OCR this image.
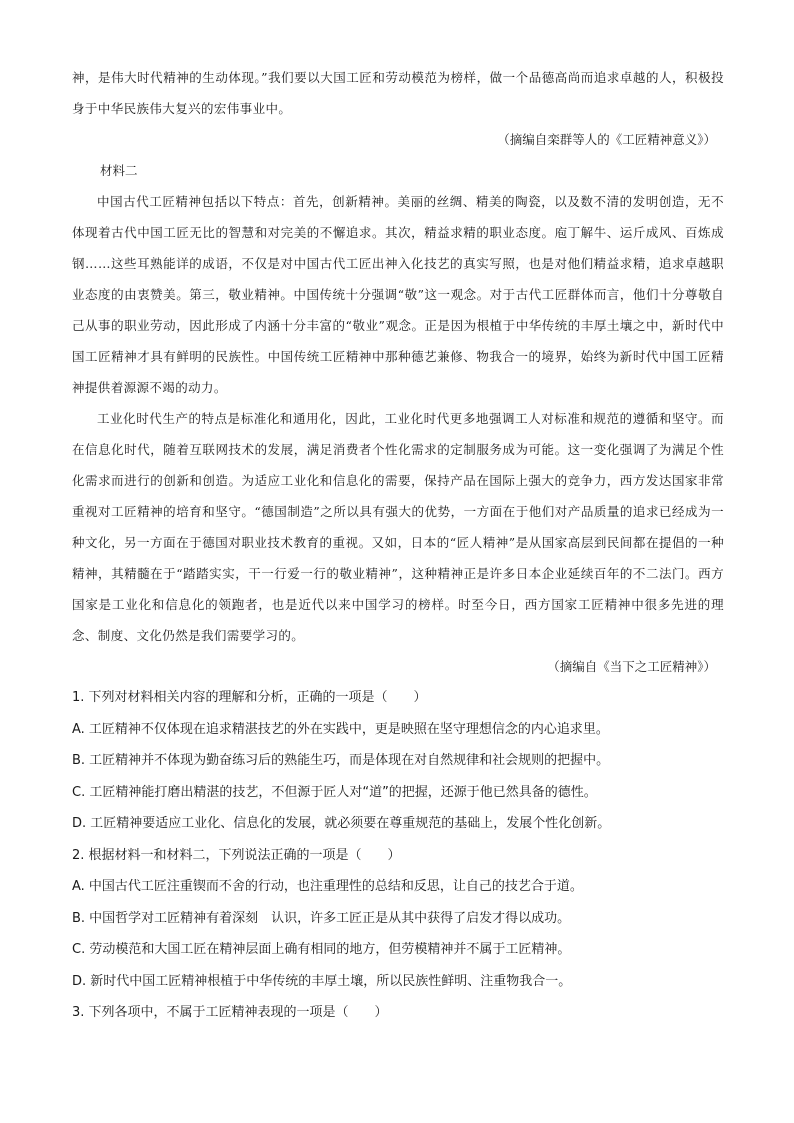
神，是伟大时代精神的生动体现。”我们要以大国工匠和劳动模范为榜样，做一个品德高尚而追求卓越的人，积极投身于中华民族伟大复兴的宏伟事业中。

（摘编自栾群等人的《工匠精神意义》）

材料二

中国古代工匠精神包括以下特点：首先，创新精神。美丽的丝绸、精美的陶瓷，以及数不清的发明创造，无不体现着古代中国工匠无比的智慧和对完美的不懈追求。其次，精益求精的职业态度。庖丁解牛、运斤成风、百炼成钢……这些耳熟能详的成语，不仅是对中国古代工匠出神入化技艺的真实写照，也是对他们精益求精，追求卓越职业态度的由衷赞美。第三，敬业精神。中国传统十分强调“敬”这一观念。对于古代工匠群体而言，他们十分尊敬自己从事的职业劳动，因此形成了内涵十分丰富的“敬业”观念。正是因为根植于中华传统的丰厚土壤之中，新时代中国工匠精神才具有鲜明的民族性。中国传统工匠精神中那种德艺兼修、物我合一的境界，始终为新时代中国工匠精神提供着源源不竭的动力。

工业化时代生产的特点是标准化和通用化，因此，工业化时代更多地强调工人对标准和规范的遵循和坚守。而在信息化时代，随着互联网技术的发展，满足消费者个性化需求的定制服务成为可能。这一变化强调了为满足个性化需求而进行的创新和创造。为适应工业化和信息化的需要，保持产品在国际上强大的竞争力，西方发达国家非常重视对工匠精神的培育和坚守。“德国制造”之所以具有强大的优势，一方面在于他们对产品质量的追求已经成为一种文化，另一方面在于德国对职业技术教育的重视。又如，日本的“匠人精神”是从国家高层到民间都在提倡的一种精神，其精髓在于“踏踏实实，干一行爱一行的敬业精神”，这种精神正是许多日本企业延续百年的不二法门。西方国家是工业化和信息化的领跑者，也是近代以来中国学习的榜样。时至今日，西方国家工匠精神中很多先进的理念、制度、文化仍然是我们需要学习的。

（摘编自《当下之工匠精神》）

1. 下列对材料相关内容的理解和分析，正确的一项是（　　）

A. 工匠精神不仅体现在追求精湛技艺的外在实践中，更是映照在坚守理想信念的内心追求里。

B. 工匠精神并不体现为勤奋练习后的熟能生巧，而是体现在对自然规律和社会规则的把握中。

C. 工匠精神能打磨出精湛的技艺，不但源于匠人对“道”的把握，还源于他已然具备的德性。

D. 工匠精神要适应工业化、信息化的发展，就必须要在尊重规范的基础上，发展个性化创新。

2. 根据材料一和材料二，下列说法正确的一项是（　　）

A. 中国古代工匠注重锲而不舍的行动，也注重理性的总结和反思，让自己的技艺合于道。

B. 中国哲学对工匠精神有着深刻　认识，许多工匠正是从其中获得了启发才得以成功。

C. 劳动模范和大国工匠在精神层面上确有相同的地方，但劳模精神并不属于工匠精神。

D. 新时代中国工匠精神根植于中华传统的丰厚土壤，所以民族性鲜明、注重物我合一。

3. 下列各项中，不属于工匠精神表现的一项是（　　）
